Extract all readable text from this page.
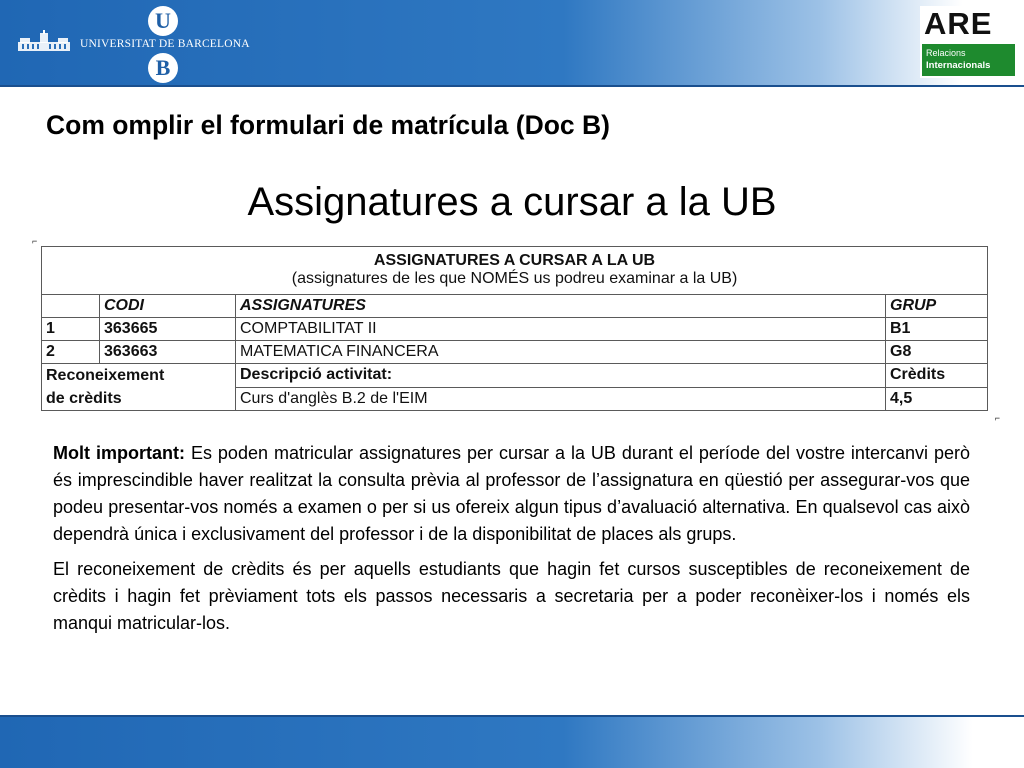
UNIVERSITAT DE BARCELONA
U
B
ARE
Relacions
Internacionals
Com omplir el formulari de matrícula (Doc B)
Assignatures a cursar a la UB
⌐
⌐
ASSIGNATURES A CURSAR A LA UB
(assignatures de les que NOMÉS us podreu examinar a la UB)			

	CODI	ASSIGNATURES	GRUP
1	363665	COMPTABILITAT II	B1
2	363663	MATEMATICA FINANCERA	G8

Reconeixement
de crèdits		Descripció activitat:	Crèdits
		Curs d'anglès B.2 de l'EIM	4,5

Molt important: Es poden matricular assignatures per cursar a la UB durant el període del vostre intercanvi però és imprescindible haver realitzat la consulta prèvia al professor de l’assignatura en qüestió per assegurar-vos que podeu presentar-vos només a examen o per si us ofereix algun tipus d’avaluació alternativa. En qualsevol cas això dependrà única i exclusivament del professor i de la disponibilitat de places als grups.

El reconeixement de crèdits és per aquells estudiants que hagin fet cursos susceptibles de reconeixement de crèdits i hagin fet prèviament tots els passos necessaris a secretaria per a poder reconèixer-los i només els manqui matricular-los.
